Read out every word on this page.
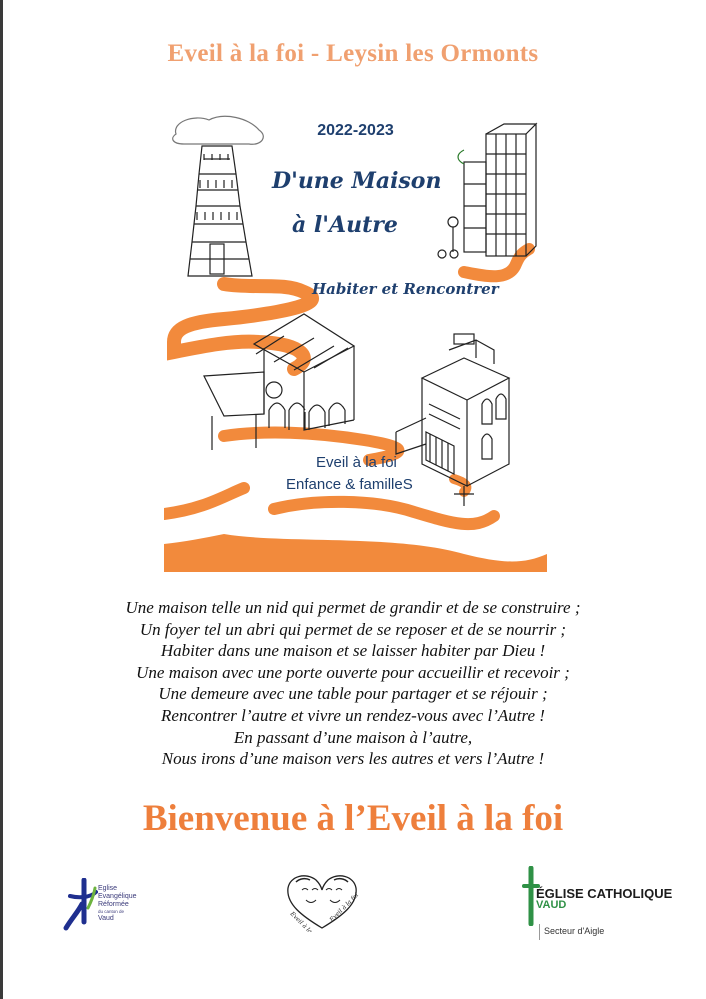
Eveil à la foi - Leysin les Ormonts
2022-2023
D'une Maison
à l'Autre
Habiter et Rencontrer
Eveil à la foi
Enfance & familleS
Une maison telle un nid qui permet de grandir et de se construire ;
Un foyer tel un abri qui permet de se reposer et de se nourrir ;
Habiter dans une maison et se laisser habiter par Dieu !
Une maison avec une porte ouverte pour accueillir et recevoir ;
Une demeure avec une table pour partager et se réjouir ;
Rencontrer l’autre et vivre un rendez-vous avec l’Autre !
En passant d’une maison à l’autre,
Nous irons d’une maison vers les autres et vers l’Autre !
Bienvenue à l’Eveil à la foi
Eglise
Evangélique
Réformée
du canton de
Vaud	Eveil à la foi
Eveil à la foi	ÉGLISE CATHOLIQUE
VAUD
Secteur d'Aigle
